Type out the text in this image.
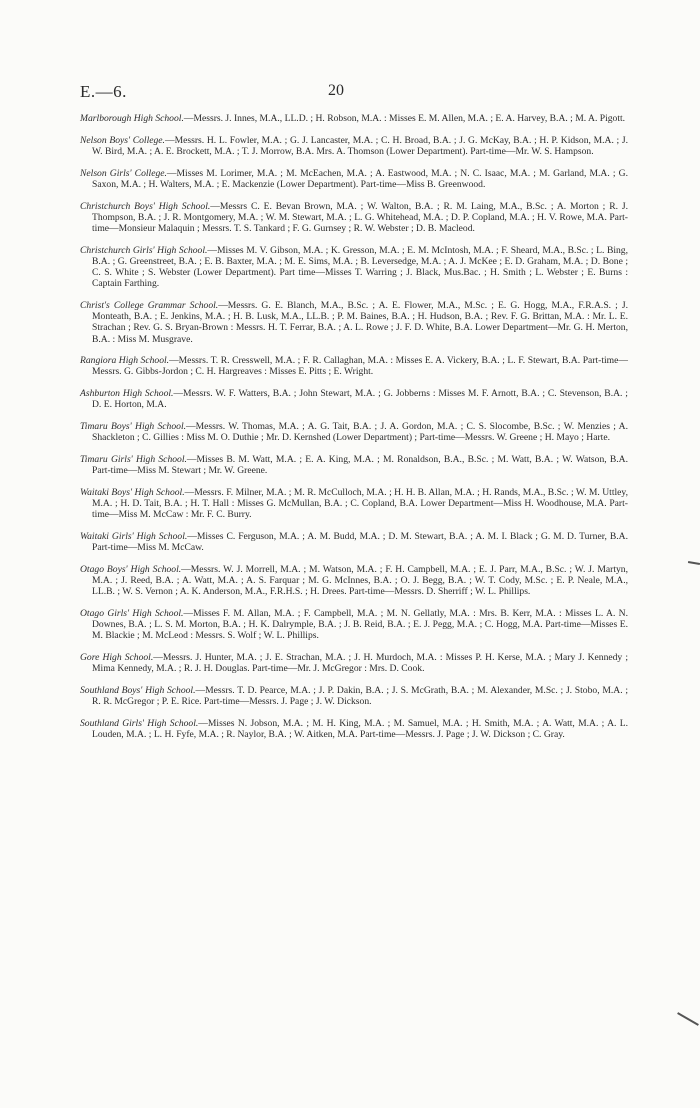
E.—6.	20

Marlborough High School.—Messrs. J. Innes, M.A., LL.D. ; H. Robson, M.A. : Misses E. M. Allen, M.A. ; E. A. Harvey, B.A. ; M. A. Pigott.

Nelson Boys' College.—Messrs. H. L. Fowler, M.A. ; G. J. Lancaster, M.A. ; C. H. Broad, B.A. ; J. G. McKay, B.A. ; H. P. Kidson, M.A. ; J. W. Bird, M.A. ; A. E. Brockett, M.A. ; T. J. Morrow, B.A. Mrs. A. Thomson (Lower Department). Part-time—Mr. W. S. Hampson.

Nelson Girls' College.—Misses M. Lorimer, M.A. ; M. McEachen, M.A. ; A. Eastwood, M.A. ; N. C. Isaac, M.A. ; M. Garland, M.A. ; G. Saxon, M.A. ; H. Walters, M.A. ; E. Mackenzie (Lower Department). Part-time—Miss B. Greenwood.

Christchurch Boys' High School.—Messrs C. E. Bevan Brown, M.A. ; W. Walton, B.A. ; R. M. Laing, M.A., B.Sc. ; A. Morton ; R. J. Thompson, B.A. ; J. R. Montgomery, M.A. ; W. M. Stewart, M.A. ; L. G. Whitehead, M.A. ; D. P. Copland, M.A. ; H. V. Rowe, M.A. Part-time—Monsieur Malaquin ; Messrs. T. S. Tankard ; F. G. Gurnsey ; R. W. Webster ; D. B. Macleod.

Christchurch Girls' High School.—Misses M. V. Gibson, M.A. ; K. Gresson, M.A. ; E. M. McIntosh, M.A. ; F. Sheard, M.A., B.Sc. ; L. Bing, B.A. ; G. Greenstreet, B.A. ; E. B. Baxter, M.A. ; M. E. Sims, M.A. ; B. Leversedge, M.A. ; A. J. McKee ; E. D. Graham, M.A. ; D. Bone ; C. S. White ; S. Webster (Lower Department). Part time—Misses T. Warring ; J. Black, Mus.Bac. ; H. Smith ; L. Webster ; E. Burns : Captain Farthing.

Christ's College Grammar School.—Messrs. G. E. Blanch, M.A., B.Sc. ; A. E. Flower, M.A., M.Sc. ; E. G. Hogg, M.A., F.R.A.S. ; J. Monteath, B.A. ; E. Jenkins, M.A. ; H. B. Lusk, M.A., LL.B. ; P. M. Baines, B.A. ; H. Hudson, B.A. ; Rev. F. G. Brittan, M.A. : Mr. L. E. Strachan ; Rev. G. S. Bryan-Brown : Messrs. H. T. Ferrar, B.A. ; A. L. Rowe ; J. F. D. White, B.A. Lower Department—Mr. G. H. Merton, B.A. : Miss M. Musgrave.

Rangiora High School.—Messrs. T. R. Cresswell, M.A. ; F. R. Callaghan, M.A. : Misses E. A. Vickery, B.A. ; L. F. Stewart, B.A. Part-time—Messrs. G. Gibbs-Jordon ; C. H. Hargreaves : Misses E. Pitts ; E. Wright.

Ashburton High School.—Messrs. W. F. Watters, B.A. ; John Stewart, M.A. ; G. Jobberns : Misses M. F. Arnott, B.A. ; C. Stevenson, B.A. ; D. E. Horton, M.A.

Timaru Boys' High School.—Messrs. W. Thomas, M.A. ; A. G. Tait, B.A. ; J. A. Gordon, M.A. ; C. S. Slocombe, B.Sc. ; W. Menzies ; A. Shackleton ; C. Gillies : Miss M. O. Duthie ; Mr. D. Kernshed (Lower Department) ; Part-time—Messrs. W. Greene ; H. Mayo ; Harte.

Timaru Girls' High School.—Misses B. M. Watt, M.A. ; E. A. King, M.A. ; M. Ronaldson, B.A., B.Sc. ; M. Watt, B.A. ; W. Watson, B.A. Part-time—Miss M. Stewart ; Mr. W. Greene.

Waitaki Boys' High School.—Messrs. F. Milner, M.A. ; M. R. McCulloch, M.A. ; H. H. B. Allan, M.A. ; H. Rands, M.A., B.Sc. ; W. M. Uttley, M.A. ; H. D. Tait, B.A. ; H. T. Hall : Misses G. McMullan, B.A. ; C. Copland, B.A. Lower Department—Miss H. Woodhouse, M.A. Part-time—Miss M. McCaw : Mr. F. C. Burry.

Waitaki Girls' High School.—Misses C. Ferguson, M.A. ; A. M. Budd, M.A. ; D. M. Stewart, B.A. ; A. M. I. Black ; G. M. D. Turner, B.A. Part-time—Miss M. McCaw.

Otago Boys' High School.—Messrs. W. J. Morrell, M.A. ; M. Watson, M.A. ; F. H. Campbell, M.A. ; E. J. Parr, M.A., B.Sc. ; W. J. Martyn, M.A. ; J. Reed, B.A. ; A. Watt, M.A. ; A. S. Farquar ; M. G. McInnes, B.A. ; O. J. Begg, B.A. ; W. T. Cody, M.Sc. ; E. P. Neale, M.A., LL.B. ; W. S. Vernon ; A. K. Anderson, M.A., F.R.H.S. ; H. Drees. Part-time—Messrs. D. Sherriff ; W. L. Phillips.

Otago Girls' High School.—Misses F. M. Allan, M.A. ; F. Campbell, M.A. ; M. N. Gellatly, M.A. : Mrs. B. Kerr, M.A. : Misses L. A. N. Downes, B.A. ; L. S. M. Morton, B.A. ; H. K. Dalrymple, B.A. ; J. B. Reid, B.A. ; E. J. Pegg, M.A. ; C. Hogg, M.A. Part-time—Misses E. M. Blackie ; M. McLeod : Messrs. S. Wolf ; W. L. Phillips.

Gore High School.—Messrs. J. Hunter, M.A. ; J. E. Strachan, M.A. ; J. H. Murdoch, M.A. : Misses P. H. Kerse, M.A. ; Mary J. Kennedy ; Mima Kennedy, M.A. ; R. J. H. Douglas. Part-time—Mr. J. McGregor : Mrs. D. Cook.

Southland Boys' High School.—Messrs. T. D. Pearce, M.A. ; J. P. Dakin, B.A. ; J. S. McGrath, B.A. ; M. Alexander, M.Sc. ; J. Stobo, M.A. ; R. R. McGregor ; P. E. Rice. Part-time—Messrs. J. Page ; J. W. Dickson.

Southland Girls' High School.—Misses N. Jobson, M.A. ; M. H. King, M.A. ; M. Samuel, M.A. ; H. Smith, M.A. ; A. Watt, M.A. ; A. L. Louden, M.A. ; L. H. Fyfe, M.A. ; R. Naylor, B.A. ; W. Aitken, M.A. Part-time—Messrs. J. Page ; J. W. Dickson ; C. Gray.
